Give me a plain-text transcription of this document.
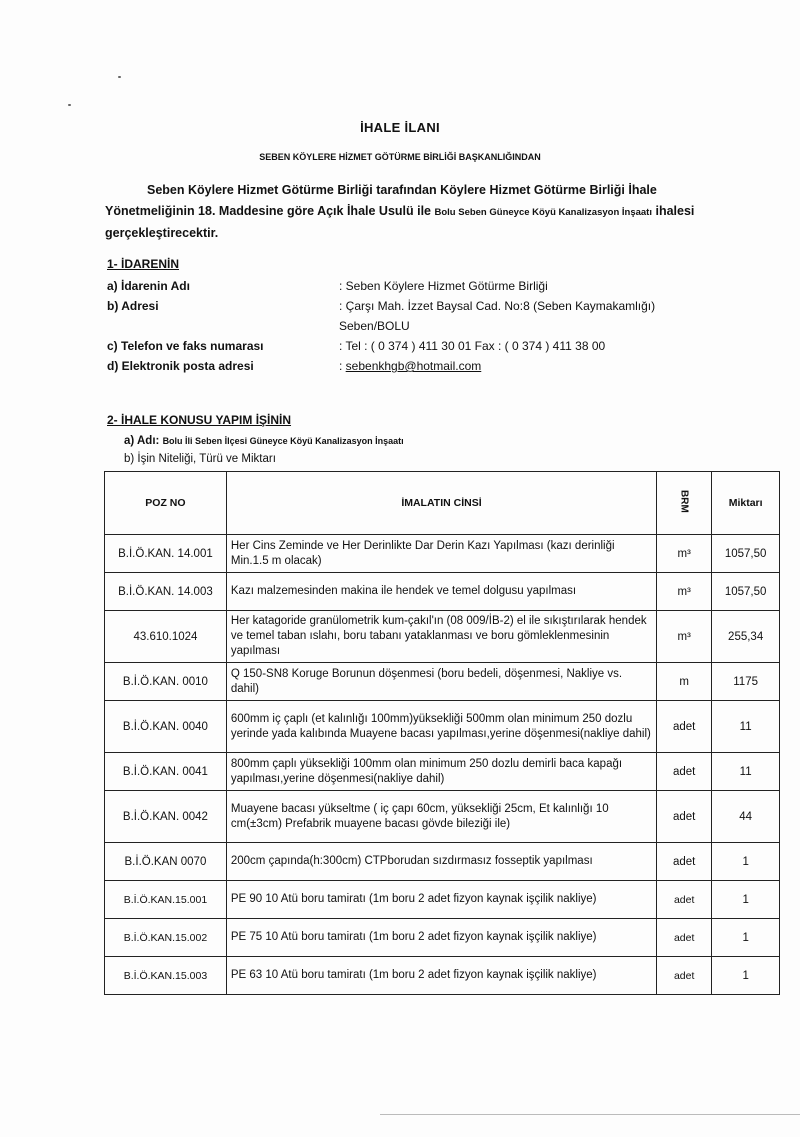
İHALE İLANI
SEBEN KÖYLERE HİZMET GÖTÜRME BİRLİĞİ BAŞKANLIĞINDAN
Seben Köylere Hizmet Götürme Birliği tarafından Köylere Hizmet Götürme Birliği İhale Yönetmeliğinin 18. Maddesine göre Açık İhale Usulü ile Bolu Seben Güneyce Köyü Kanalizasyon İnşaatı ihalesi gerçekleştirecektir.
1- İDARENİN
a) İdarenin Adı	: Seben Köylere Hizmet Götürme Birliği
b) Adresi	: Çarşı Mah. İzzet Baysal Cad. No:8 (Seben Kaymakamlığı) Seben/BOLU
c) Telefon ve faks numarası	: Tel : ( 0 374 ) 411 30 01 Fax : ( 0 374 ) 411 38 00
d) Elektronik posta adresi	: sebenkhgb@hotmail.com
2- İHALE KONUSU YAPIM İŞİNİN
a) Adı: Bolu İli Seben İlçesi Güneyce Köyü Kanalizasyon İnşaatı
b) İşin Niteliği, Türü ve Miktarı
POZ NO	İMALATIN CİNSİ	BRM	Miktarı
B.İ.Ö.KAN. 14.001	Her Cins Zeminde ve Her Derinlikte Dar Derin Kazı Yapılması (kazı derinliği Min.1.5 m olacak)	m³	1057,50
B.İ.Ö.KAN. 14.003	Kazı malzemesinden makina ile hendek ve temel dolgusu yapılması	m³	1057,50
43.610.1024	Her katagoride granülometrik kum-çakıl'ın (08 009/İB-2) el ile sıkıştırılarak hendek ve temel taban ıslahı, boru tabanı yataklanması ve boru gömleklenmesinin yapılması	m³	255,34
B.İ.Ö.KAN. 0010	Q 150-SN8 Koruge Borunun döşenmesi (boru bedeli, döşenmesi, Nakliye vs. dahil)	m	1175
B.İ.Ö.KAN. 0040	600mm iç çaplı (et kalınlığı 100mm)yüksekliği 500mm olan minimum 250 dozlu yerinde yada kalıbında Muayene bacası yapılması,yerine döşenmesi(nakliye dahil)	adet	11
B.İ.Ö.KAN. 0041	800mm çaplı yüksekliği 100mm olan minimum 250 dozlu demirli baca kapağı yapılması,yerine döşenmesi(nakliye dahil)	adet	11
B.İ.Ö.KAN. 0042	Muayene bacası yükseltme ( iç çapı 60cm, yüksekliği 25cm, Et kalınlığı 10 cm(±3cm) Prefabrik muayene bacası gövde bileziği ile)	adet	44
B.İ.Ö.KAN 0070	200cm çapında(h:300cm) CTPborudan sızdırmasız fosseptik yapılması	adet	1
B.İ.Ö.KAN.15.001	PE 90 10 Atü boru tamiratı (1m boru 2 adet fizyon kaynak işçilik nakliye)	adet	1
B.İ.Ö.KAN.15.002	PE 75 10 Atü boru tamiratı (1m boru 2 adet fizyon kaynak işçilik nakliye)	adet	1
B.İ.Ö.KAN.15.003	PE 63 10 Atü boru tamiratı (1m boru 2 adet fizyon kaynak işçilik nakliye)	adet	1
